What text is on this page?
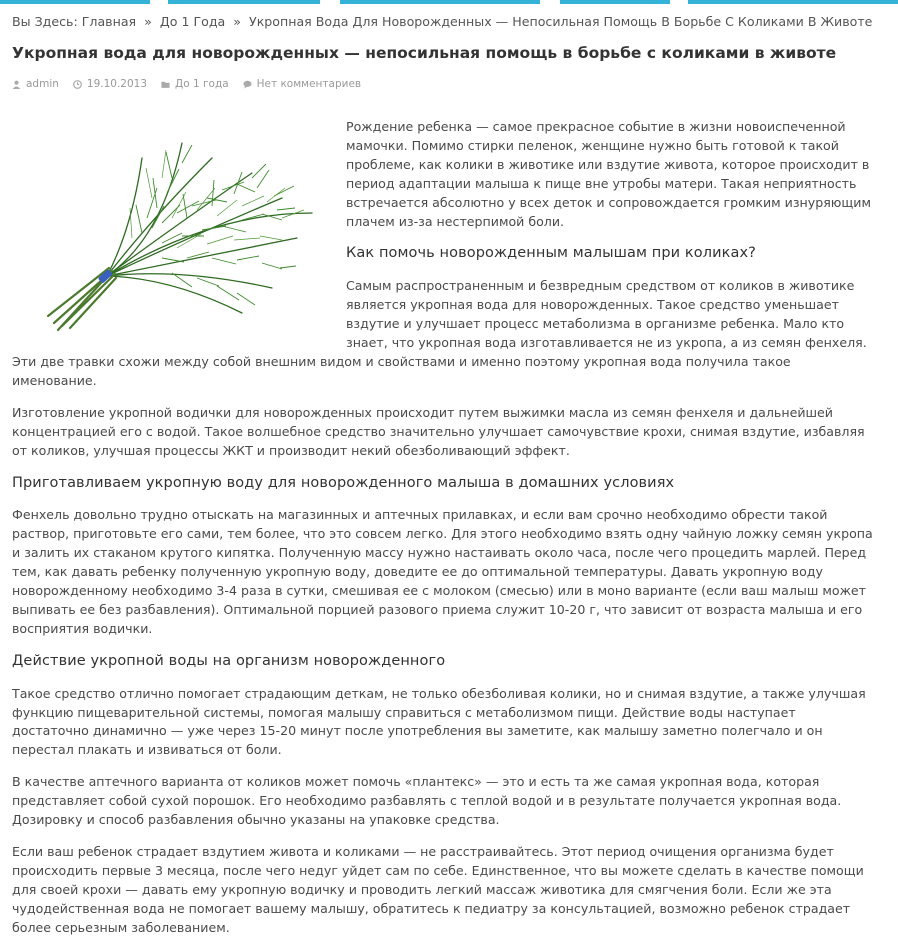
Вы Здесь: Главная » До 1 Года » Укропная Вода Для Новорожденных — Непосильная Помощь В Борьбе С Коликами В Животе
Укропная вода для новорожденных — непосильная помощь в борьбе с коликами в животе
admin	19.10.2013	До 1 года	Нет комментариев

Рождение ребенка — самое прекрасное событие в жизни новоиспеченной мамочки. Помимо стирки пеленок, женщине нужно быть готовой к такой проблеме, как колики в животике или вздутие живота, которое происходит в период адаптации малыша к пище вне утробы матери. Такая неприятность встречается абсолютно у всех деток и сопровождается громким изнуряющим плачем из-за нестерпимой боли.

Как помочь новорожденным малышам при коликах?

Самым распространенным и безвредным средством от коликов в животике является укропная вода для новорожденных. Такое средство уменьшает вздутие и улучшает процесс метаболизма в организме ребенка. Мало кто знает, что укропная вода изготавливается не из укропа, а из семян фенхеля. Эти две травки схожи между собой внешним видом и свойствами и именно поэтому укропная вода получила такое именование.

Изготовление укропной водички для новорожденных происходит путем выжимки масла из семян фенхеля и дальнейшей концентрацией его с водой. Такое волшебное средство значительно улучшает самочувствие крохи, снимая вздутие, избавляя от коликов, улучшая процессы ЖКТ и производит некий обезболивающий эффект.

Приготавливаем укропную воду для новорожденного малыша в домашних условиях

Фенхель довольно трудно отыскать на магазинных и аптечных прилавках, и если вам срочно необходимо обрести такой раствор, приготовьте его сами, тем более, что это совсем легко. Для этого необходимо взять одну чайную ложку семян укропа и залить их стаканом крутого кипятка. Полученную массу нужно настаивать около часа, после чего процедить марлей. Перед тем, как давать ребенку полученную укропную воду, доведите ее до оптимальной температуры. Давать укропную воду новорожденному необходимо 3-4 раза в сутки, смешивая ее с молоком (смесью) или в моно варианте (если ваш малыш может выпивать ее без разбавления). Оптимальной порцией разового приема служит 10-20 г, что зависит от возраста малыша и его восприятия водички.

Действие укропной воды на организм новорожденного

Такое средство отлично помогает страдающим деткам, не только обезболивая колики, но и снимая вздутие, а также улучшая функцию пищеварительной системы, помогая малышу справиться с метаболизмом пищи. Действие воды наступает достаточно динамично — уже через 15-20 минут после употребления вы заметите, как малышу заметно полегчало и он перестал плакать и извиваться от боли.

В качестве аптечного варианта от коликов может помочь «плантекс» — это и есть та же самая укропная вода, которая представляет собой сухой порошок. Его необходимо разбавлять с теплой водой и в результате получается укропная вода. Дозировку и способ разбавления обычно указаны на упаковке средства.

Если ваш ребенок страдает вздутием живота и коликами — не расстраивайтесь. Этот период очищения организма будет происходить первые 3 месяца, после чего недуг уйдет сам по себе. Единственное, что вы можете сделать в качестве помощи для своей крохи — давать ему укропную водичку и проводить легкий массаж животика для смягчения боли. Если же эта чудодейственная вода не помогает вашему малышу, обратитесь к педиатру за консультацией, возможно ребенок страдает более серьезным заболеванием.
